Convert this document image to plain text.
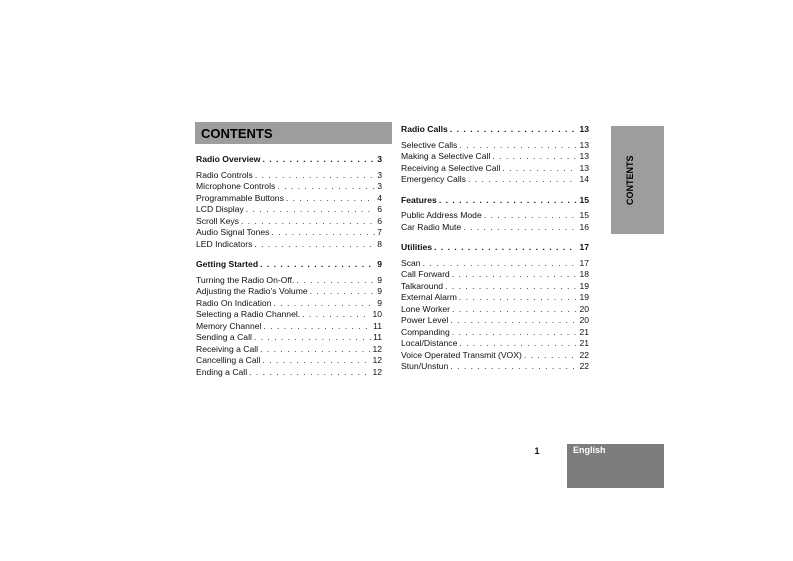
CONTENTS
CONTENTS
1	English
Radio Overview . . .	3
Radio Controls . . .	3
Microphone Controls . . .	3
Programmable Buttons . . .	4
LCD Display . . .	6
Scroll Keys . . .	6
Audio Signal Tones . . .	7
LED Indicators . . .	8
Getting Started . . .	9
Turning the Radio On-Off. . . .	9
Adjusting the Radio’s Volume . . .	9
Radio On Indication . . .	9
Selecting a Radio Channel. . . .	10
Memory Channel . . .	11
Sending a Call . . .	11
Receiving a Call . . .	12
Cancelling a Call . . .	12
Ending a Call . . .	12
Radio Calls . . .	13
Selective Calls . . .	13
Making a Selective Call . . .	13
Receiving a Selective Call . . .	13
Emergency Calls . . .	14
Features . . .	15
Public Address Mode . . .	15
Car Radio Mute . . .	16
Utilities . . .	17
Scan . . .	17
Call Forward . . .	18
Talkaround . . .	19
External Alarm . . .	19
Lone Worker . . .	20
Power Level . . .	20
Companding . . .	21
Local/Distance . . .	21
Voice Operated Transmit (VOX) . . .	22
Stun/Unstun . . .	22
